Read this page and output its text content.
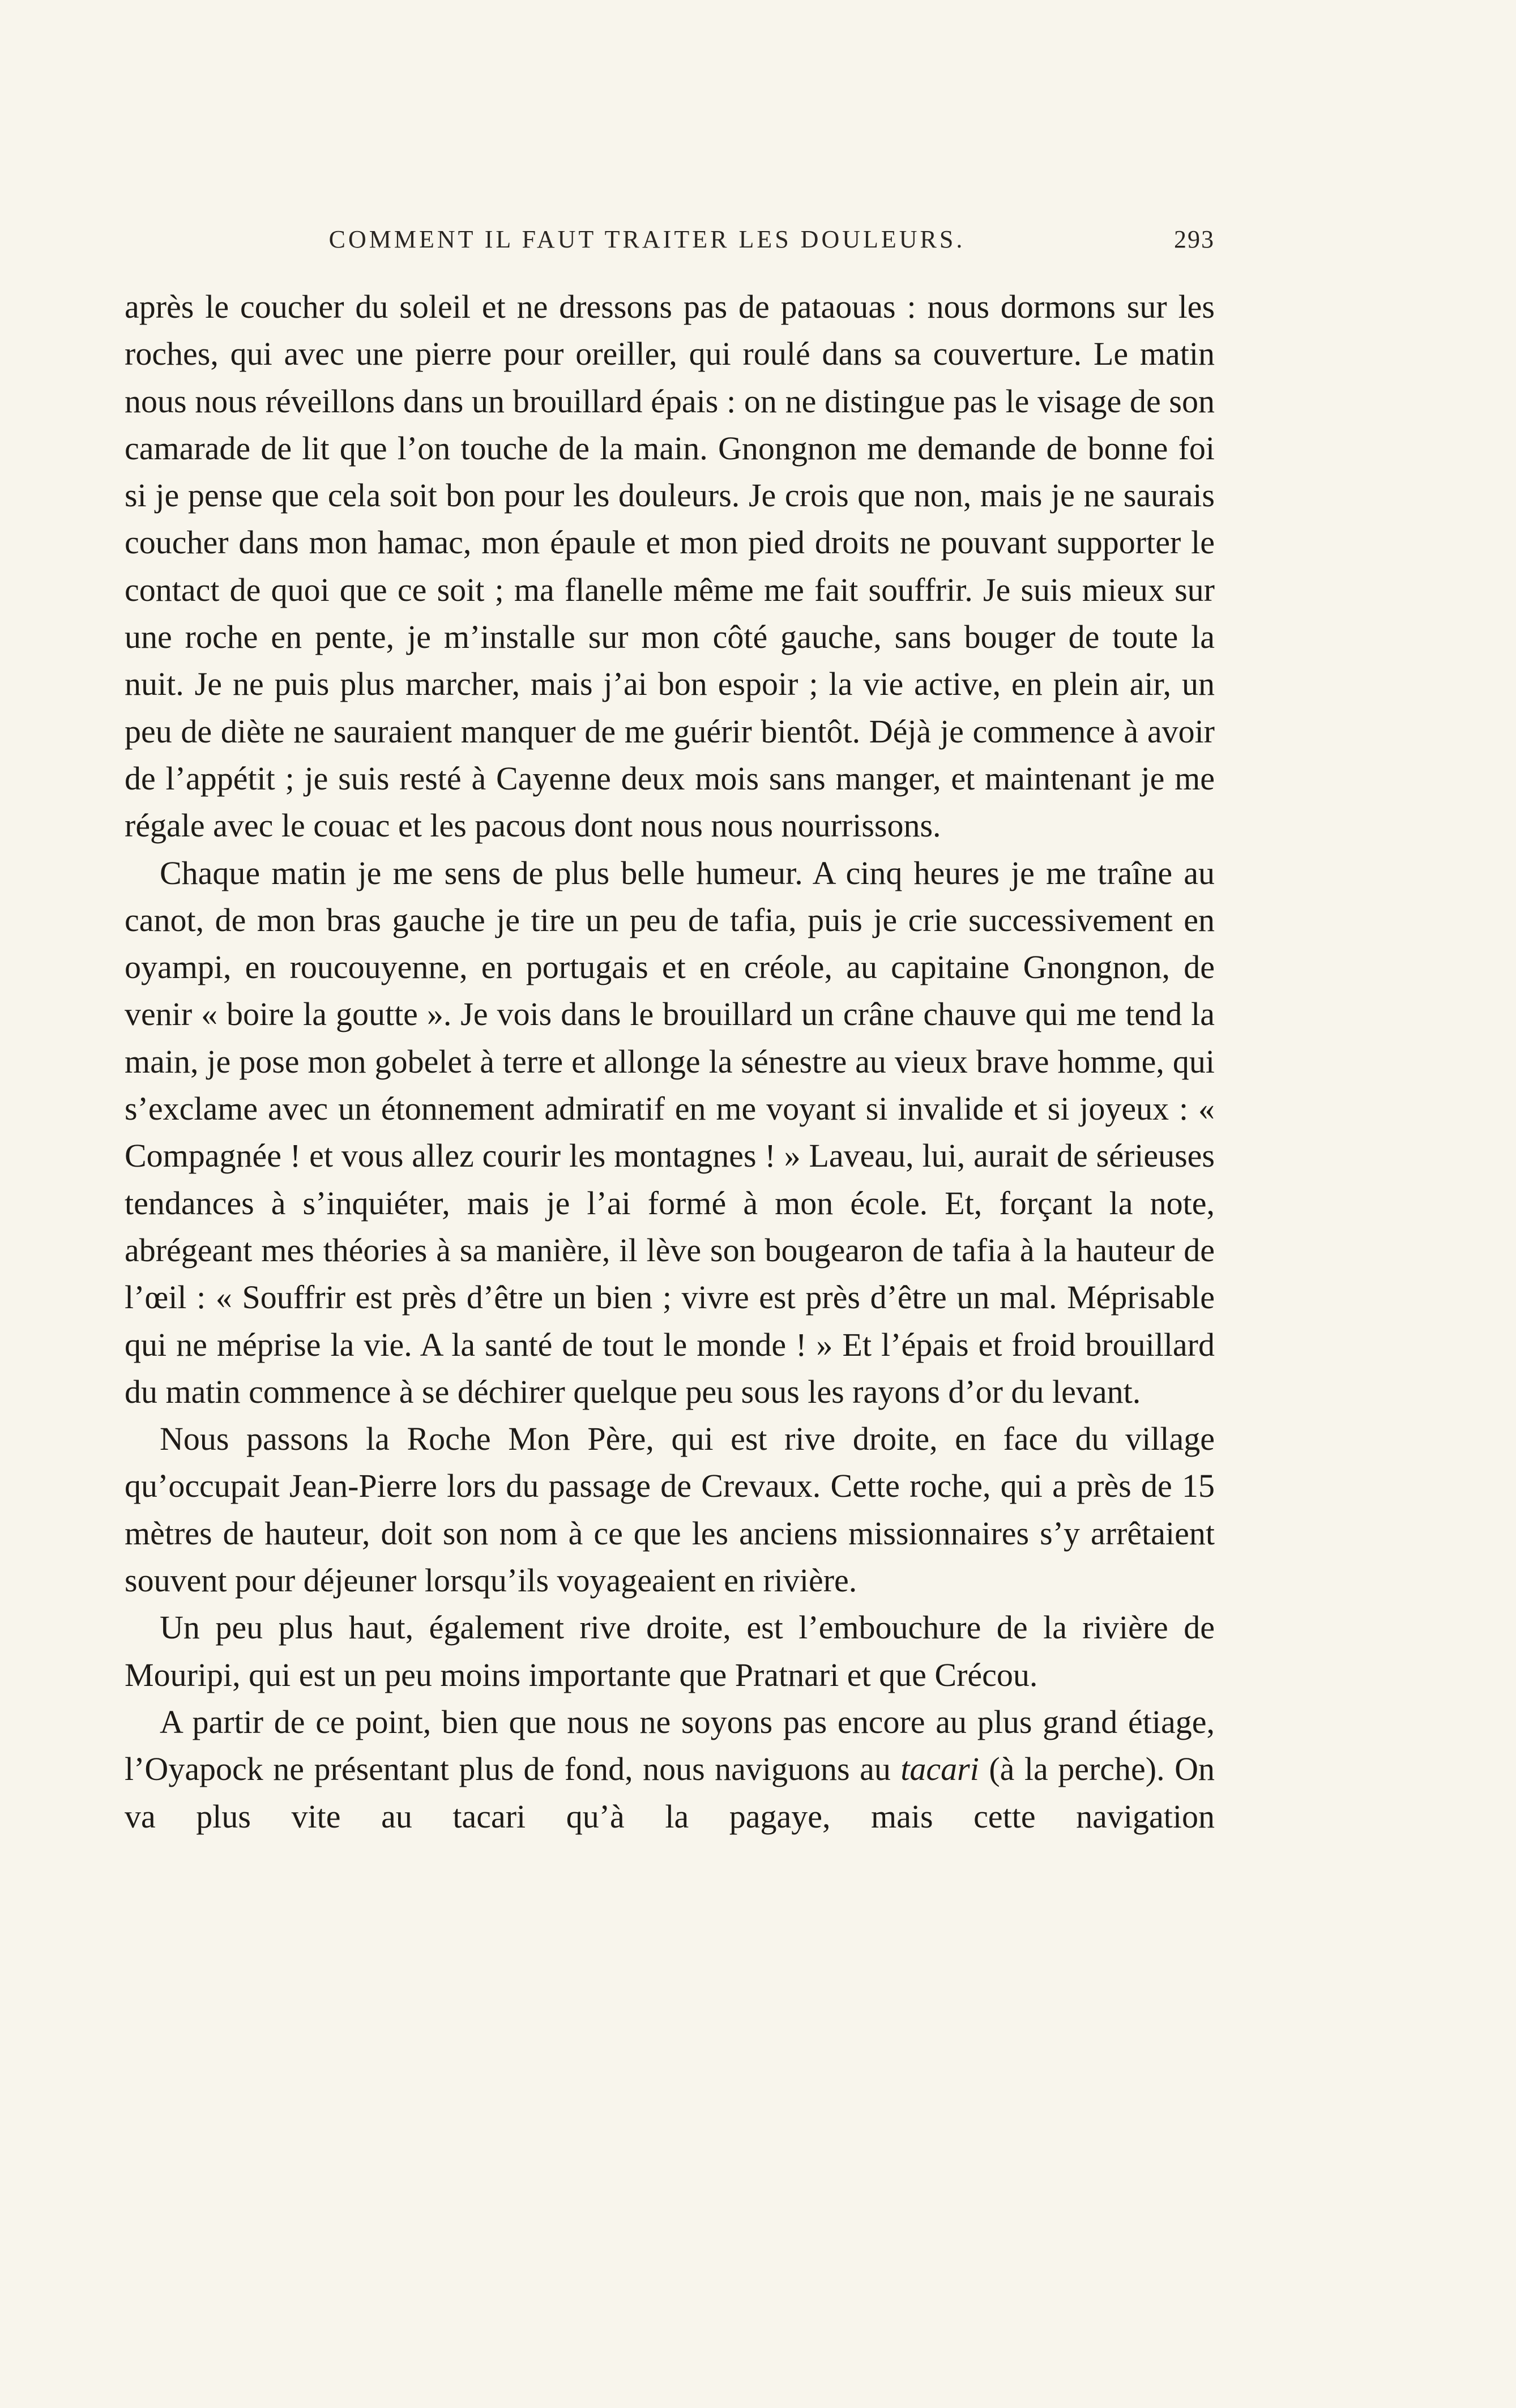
COMMENT IL FAUT TRAITER LES DOULEURS.	293

après le coucher du soleil et ne dressons pas de pataouas : nous dormons sur les roches, qui avec une pierre pour oreiller, qui roulé dans sa couverture. Le matin nous nous réveillons dans un brouillard épais : on ne distingue pas le visage de son camarade de lit que l’on touche de la main. Gnongnon me demande de bonne foi si je pense que cela soit bon pour les douleurs. Je crois que non, mais je ne saurais coucher dans mon hamac, mon épaule et mon pied droits ne pouvant supporter le contact de quoi que ce soit ; ma flanelle même me fait souffrir. Je suis mieux sur une roche en pente, je m’installe sur mon côté gauche, sans bouger de toute la nuit. Je ne puis plus marcher, mais j’ai bon espoir ; la vie active, en plein air, un peu de diète ne sauraient manquer de me guérir bientôt. Déjà je commence à avoir de l’appétit ; je suis resté à Cayenne deux mois sans manger, et maintenant je me régale avec le couac et les pacous dont nous nous nourrissons.

Chaque matin je me sens de plus belle humeur. A cinq heures je me traîne au canot, de mon bras gauche je tire un peu de tafia, puis je crie successivement en oyampi, en roucouyenne, en portugais et en créole, au capitaine Gnongnon, de venir « boire la goutte ». Je vois dans le brouillard un crâne chauve qui me tend la main, je pose mon gobelet à terre et allonge la sénestre au vieux brave homme, qui s’exclame avec un étonnement admiratif en me voyant si invalide et si joyeux : « Compagnée ! et vous allez courir les montagnes ! » Laveau, lui, aurait de sérieuses tendances à s’inquiéter, mais je l’ai formé à mon école. Et, forçant la note, abrégeant mes théories à sa manière, il lève son bougearon de tafia à la hauteur de l’œil : « Souffrir est près d’être un bien ; vivre est près d’être un mal. Méprisable qui ne méprise la vie. A la santé de tout le monde ! » Et l’épais et froid brouillard du matin commence à se déchirer quelque peu sous les rayons d’or du levant.

Nous passons la Roche Mon Père, qui est rive droite, en face du village qu’occupait Jean-Pierre lors du passage de Crevaux. Cette roche, qui a près de 15 mètres de hauteur, doit son nom à ce que les anciens missionnaires s’y arrêtaient souvent pour déjeuner lorsqu’ils voyageaient en rivière.

Un peu plus haut, également rive droite, est l’embouchure de la rivière de Mouripi, qui est un peu moins importante que Pratnari et que Crécou.

A partir de ce point, bien que nous ne soyons pas encore au plus grand étiage, l’Oyapock ne présentant plus de fond, nous naviguons au tacari (à la perche). On va plus vite au tacari qu’à la pagaye, mais cette navigation
